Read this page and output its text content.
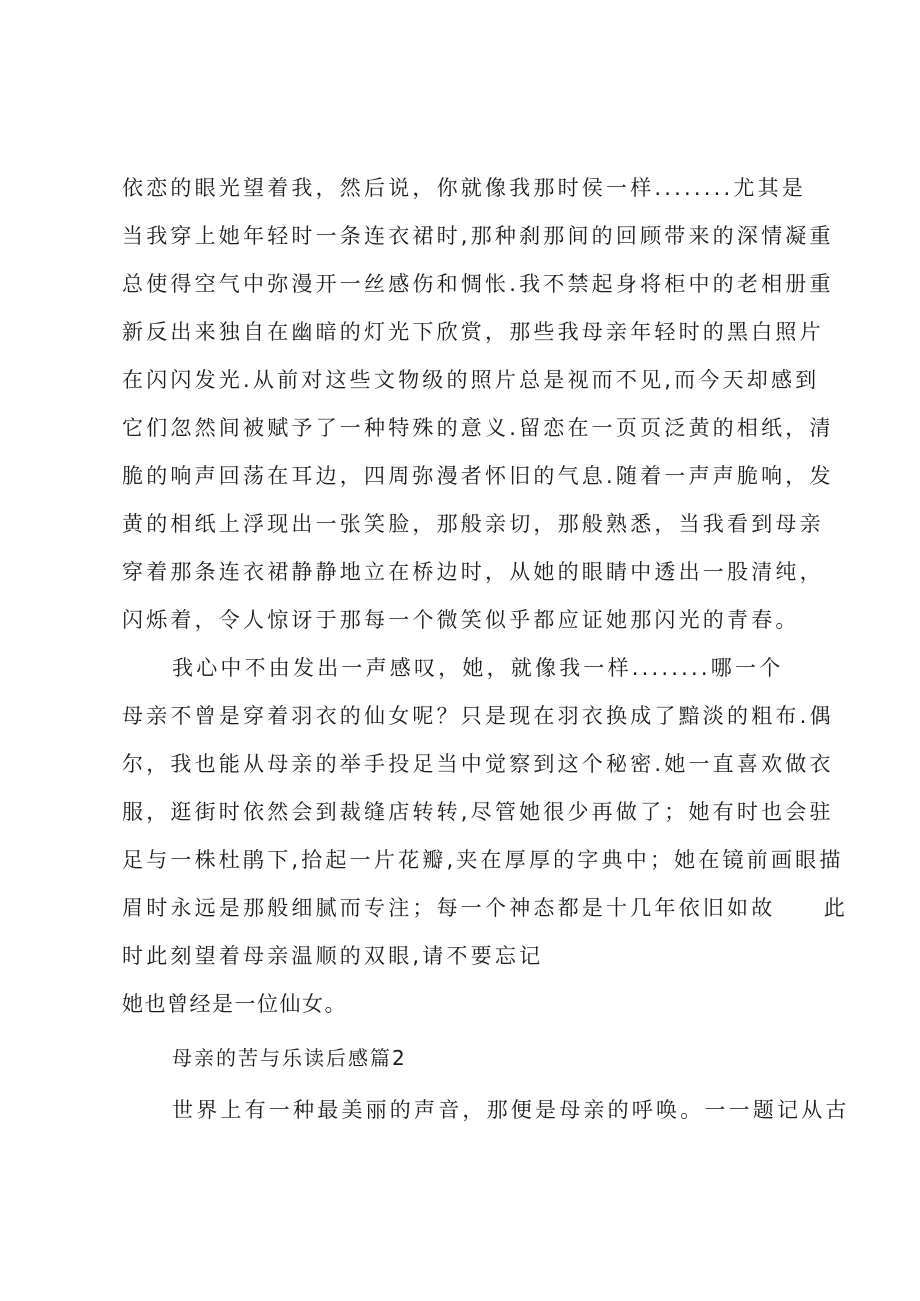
依恋的眼光望着我，然后说，你就像我那时侯一样........尤其是
当我穿上她年轻时一条连衣裙时,那种刹那间的回顾带来的深情凝重
总使得空气中弥漫开一丝感伤和惆怅.我不禁起身将柜中的老相册重
新反出来独自在幽暗的灯光下欣赏，那些我母亲年轻时的黑白照片
在闪闪发光.从前对这些文物级的照片总是视而不见,而今天却感到
它们忽然间被赋予了一种特殊的意义.留恋在一页页泛黄的相纸，清
脆的响声回荡在耳边，四周弥漫者怀旧的气息.随着一声声脆响，发
黄的相纸上浮现出一张笑脸，那般亲切，那般熟悉，当我看到母亲
穿着那条连衣裙静静地立在桥边时，从她的眼睛中透出一股清纯，
闪烁着，令人惊讶于那每一个微笑似乎都应证她那闪光的青春。
我心中不由发出一声感叹，她，就像我一样........哪一个
母亲不曾是穿着羽衣的仙女呢？只是现在羽衣换成了黯淡的粗布.偶
尔，我也能从母亲的举手投足当中觉察到这个秘密.她一直喜欢做衣
服，逛街时依然会到裁缝店转转,尽管她很少再做了；她有时也会驻
足与一株杜鹃下,拾起一片花瓣,夹在厚厚的字典中；她在镜前画眼描
眉时永远是那般细腻而专注；每一个神态都是十几年依旧如故　　此
时此刻望着母亲温顺的双眼,请不要忘记
她也曾经是一位仙女。
母亲的苦与乐读后感篇2
世界上有一种最美丽的声音，那便是母亲的呼唤。一一题记从古
